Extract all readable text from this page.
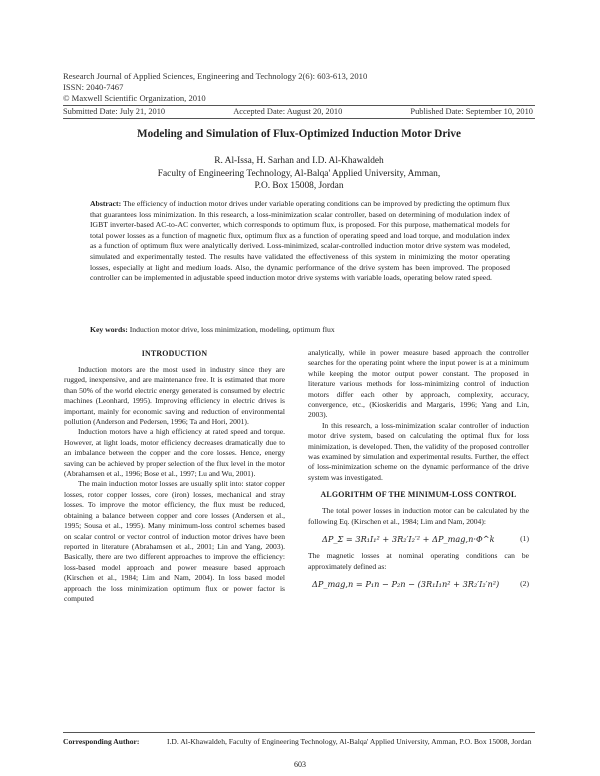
Research Journal of Applied Sciences, Engineering and Technology 2(6): 603-613, 2010
ISSN: 2040-7467
© Maxwell Scientific Organization, 2010
Submitted Date: July 21, 2010	Accepted Date: August 20, 2010	Published Date: September 10, 2010
Modeling and Simulation of Flux-Optimized Induction Motor Drive
R. Al-Issa, H. Sarhan and I.D. Al-Khawaldeh
Faculty of Engineering Technology, Al-Balqa' Applied University, Amman,
P.O. Box 15008, Jordan
Abstract: The efficiency of induction motor drives under variable operating conditions can be improved by predicting the optimum flux that guarantees loss minimization. In this research, a loss-minimization scalar controller, based on determining of modulation index of IGBT inverter-based AC-to-AC converter, which corresponds to optimum flux, is proposed. For this purpose, mathematical models for total power losses as a function of magnetic flux, optimum flux as a function of operating speed and load torque, and modulation index as a function of optimum flux were analytically derived. Loss-minimized, scalar-controlled induction motor drive system was modeled, simulated and experimentally tested. The results have validated the effectiveness of this system in minimizing the motor operating losses, especially at light and medium loads. Also, the dynamic performance of the drive system has been improved. The proposed controller can be implemented in adjustable speed induction motor drive systems with variable loads, operating below rated speed.
Key words: Induction motor drive, loss minimization, modeling, optimum flux
INTRODUCTION

Induction motors are the most used in industry since they are rugged, inexpensive, and are maintenance free. It is estimated that more than 50% of the world electric energy generated is consumed by electric machines (Leonhard, 1995). Improving efficiency in electric drives is important, mainly for economic saving and reduction of environmental pollution (Anderson and Pedersen, 1996; Ta and Hori, 2001).

Induction motors have a high efficiency at rated speed and torque. However, at light loads, motor efficiency decreases dramatically due to an imbalance between the copper and the core losses. Hence, energy saving can be achieved by proper selection of the flux level in the motor (Abrahamsen et al., 1996; Bose et al., 1997; Lu and Wu, 2001).

The main induction motor losses are usually split into: stator copper losses, rotor copper losses, core (iron) losses, mechanical and stray losses. To improve the motor efficiency, the flux must be reduced, obtaining a balance between copper and core losses (Andersen et al., 1995; Sousa et al., 1995). Many minimum-loss control schemes based on scalar control or vector control of induction motor drives have been reported in literature (Abrahamsen et al., 2001; Lin and Yang, 2003). Basically, there are two different approaches to improve the efficiency: loss-based model approach and power measure based approach (Kirschen et al., 1984; Lim and Nam, 2004). In loss based model approach the loss minimization optimum flux or power factor is computed

analytically, while in power measure based approach the controller searches for the operating point where the input power is at a minimum while keeping the motor output power constant. The proposed in literature various methods for loss-minimizing control of induction motors differ each other by approach, complexity, accuracy, convergence, etc., (Kioskeridis and Margaris, 1996; Yang and Lin, 2003).

In this research, a loss-minimization scalar controller of induction motor drive system, based on calculating the optimal flux for loss minimization, is developed. Then, the validity of the proposed controller was examined by simulation and experimental results. Further, the effect of loss-minimization scheme on the dynamic performance of the drive system was investigated.

ALGORITHM OF THE MINIMUM-LOSS CONTROL

The total power losses in induction motor can be calculated by the following Eq. (Kirschen et al., 1984; Lim and Nam, 2004):

ΔP_Σ = 3R₁I₁² + 3R₂′I₂′² + ΔP_mag,n·Φ^k	(1)

The magnetic losses at nominal operating conditions can be approximately defined as:

ΔP_mag,n = P₁n − P₂n − (3R₁I₁n² + 3R₂′I₂′n²)	(2)
Corresponding Author:	I.D. Al-Khawaldeh, Faculty of Engineering Technology, Al-Balqa' Applied University, Amman, P.O. Box 15008, Jordan
603
